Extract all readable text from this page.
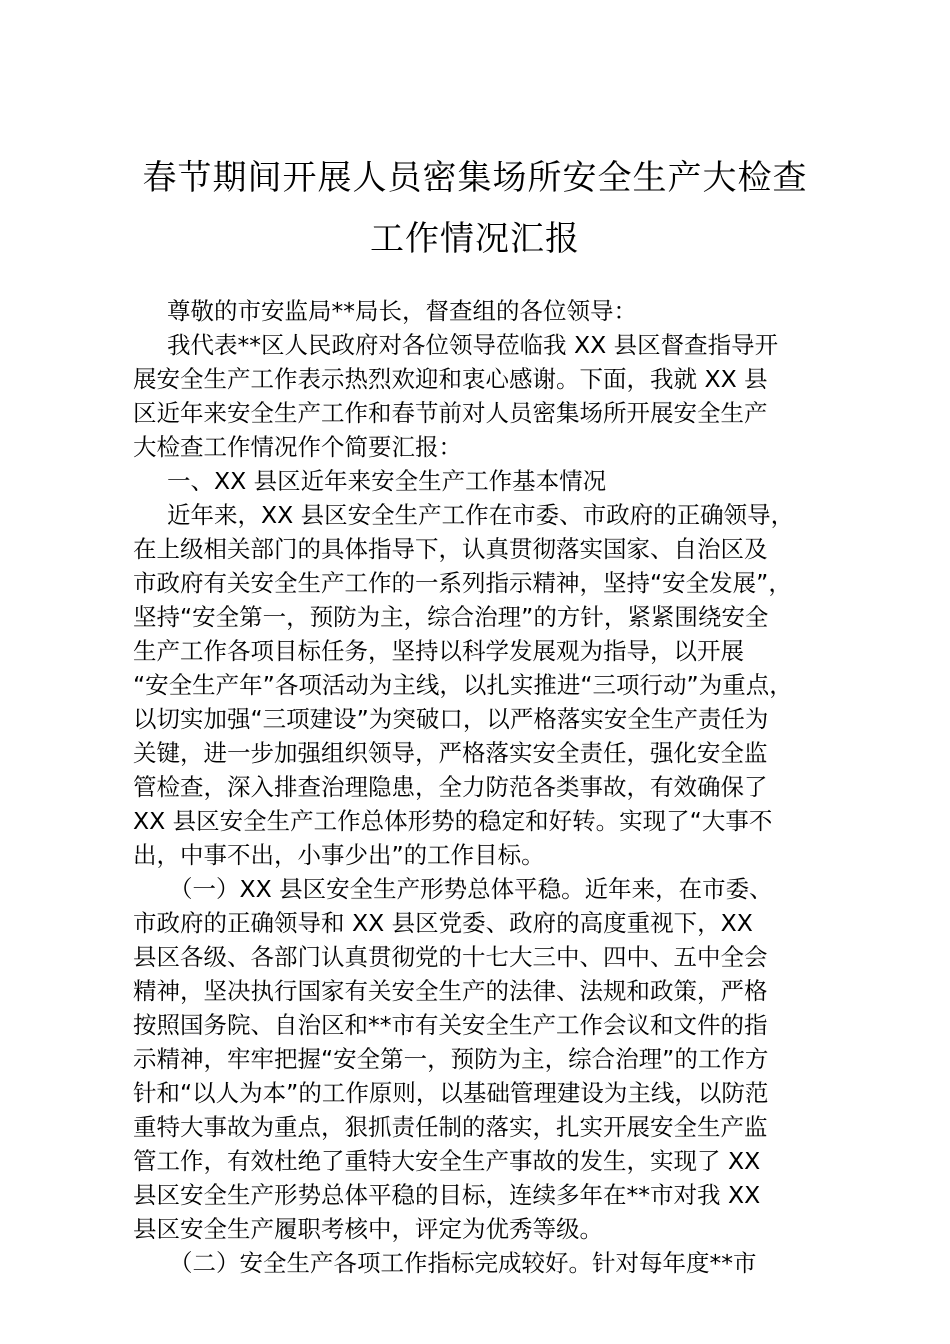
春节期间开展人员密集场所安全生产大检查
工作情况汇报
尊敬的市安监局**局长，督查组的各位领导：
我代表**区人民政府对各位领导莅临我 XX 县区督查指导开
展安全生产工作表示热烈欢迎和衷心感谢。下面，我就 XX 县
区近年来安全生产工作和春节前对人员密集场所开展安全生产
大检查工作情况作个简要汇报：
一、XX 县区近年来安全生产工作基本情况
近年来，XX 县区安全生产工作在市委、市政府的正确领导，
在上级相关部门的具体指导下，认真贯彻落实国家、自治区及
市政府有关安全生产工作的一系列指示精神，坚持“安全发展”，
坚持“安全第一，预防为主，综合治理”的方针，紧紧围绕安全
生产工作各项目标任务，坚持以科学发展观为指导，以开展
“安全生产年”各项活动为主线，以扎实推进“三项行动”为重点，
以切实加强“三项建设”为突破口，以严格落实安全生产责任为
关键，进一步加强组织领导，严格落实安全责任，强化安全监
管检查，深入排查治理隐患，全力防范各类事故，有效确保了
XX 县区安全生产工作总体形势的稳定和好转。实现了“大事不
出，中事不出，小事少出”的工作目标。
（一）XX 县区安全生产形势总体平稳。近年来，在市委、
市政府的正确领导和 XX 县区党委、政府的高度重视下，XX
县区各级、各部门认真贯彻党的十七大三中、四中、五中全会
精神，坚决执行国家有关安全生产的法律、法规和政策，严格
按照国务院、自治区和**市有关安全生产工作会议和文件的指
示精神，牢牢把握“安全第一，预防为主，综合治理”的工作方
针和“以人为本”的工作原则，以基础管理建设为主线，以防范
重特大事故为重点，狠抓责任制的落实，扎实开展安全生产监
管工作，有效杜绝了重特大安全生产事故的发生，实现了 XX
县区安全生产形势总体平稳的目标，连续多年在**市对我 XX
县区安全生产履职考核中，评定为优秀等级。
（二）安全生产各项工作指标完成较好。针对每年度**市
